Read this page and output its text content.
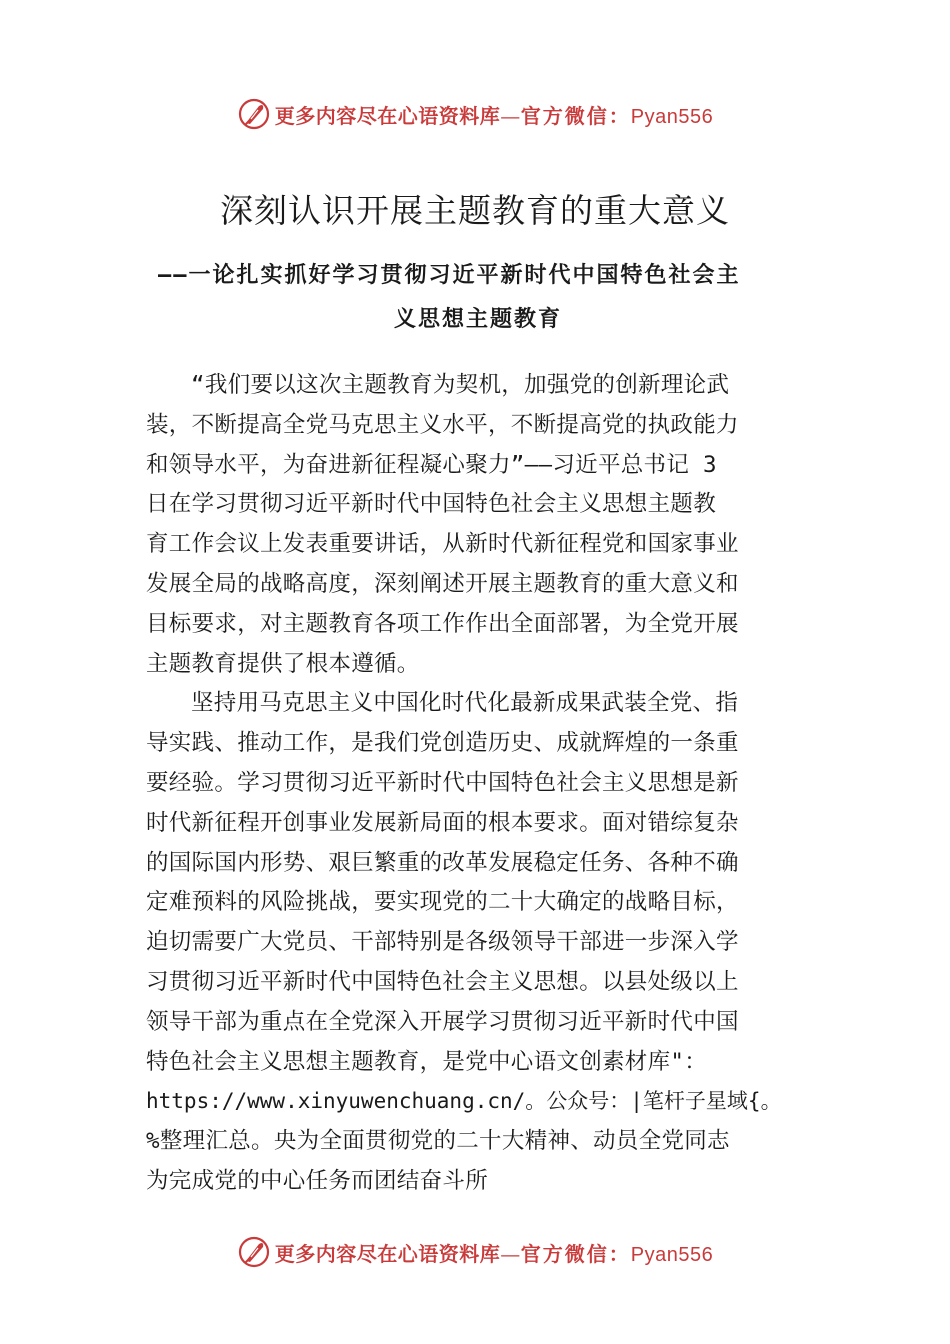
更多内容尽在心语资料库—官方微信：Pyan556
深刻认识开展主题教育的重大意义
——一论扎实抓好学习贯彻习近平新时代中国特色社会主
义思想主题教育

“我们要以这次主题教育为契机，加强党的创新理论武
装，不断提高全党马克思主义水平，不断提高党的执政能力
和领导水平，为奋进新征程凝心聚力”——习近平总书记 3
日在学习贯彻习近平新时代中国特色社会主义思想主题教
育工作会议上发表重要讲话，从新时代新征程党和国家事业
发展全局的战略高度，深刻阐述开展主题教育的重大意义和
目标要求，对主题教育各项工作作出全面部署，为全党开展
主题教育提供了根本遵循。

坚持用马克思主义中国化时代化最新成果武装全党、指
导实践、推动工作，是我们党创造历史、成就辉煌的一条重
要经验。学习贯彻习近平新时代中国特色社会主义思想是新
时代新征程开创事业发展新局面的根本要求。面对错综复杂
的国际国内形势、艰巨繁重的改革发展稳定任务、各种不确
定难预料的风险挑战，要实现党的二十大确定的战略目标，
迫切需要广大党员、干部特别是各级领导干部进一步深入学
习贯彻习近平新时代中国特色社会主义思想。以县处级以上
领导干部为重点在全党深入开展学习贯彻习近平新时代中国
特色社会主义思想主题教育，是党中心语文创素材库"：
https://www.xinyuwenchuang.cn/。公众号：|笔杆子星域{。
%整理汇总。央为全面贯彻党的二十大精神、动员全党同志
为完成党的中心任务而团结奋斗所

更多内容尽在心语资料库—官方微信：Pyan556
